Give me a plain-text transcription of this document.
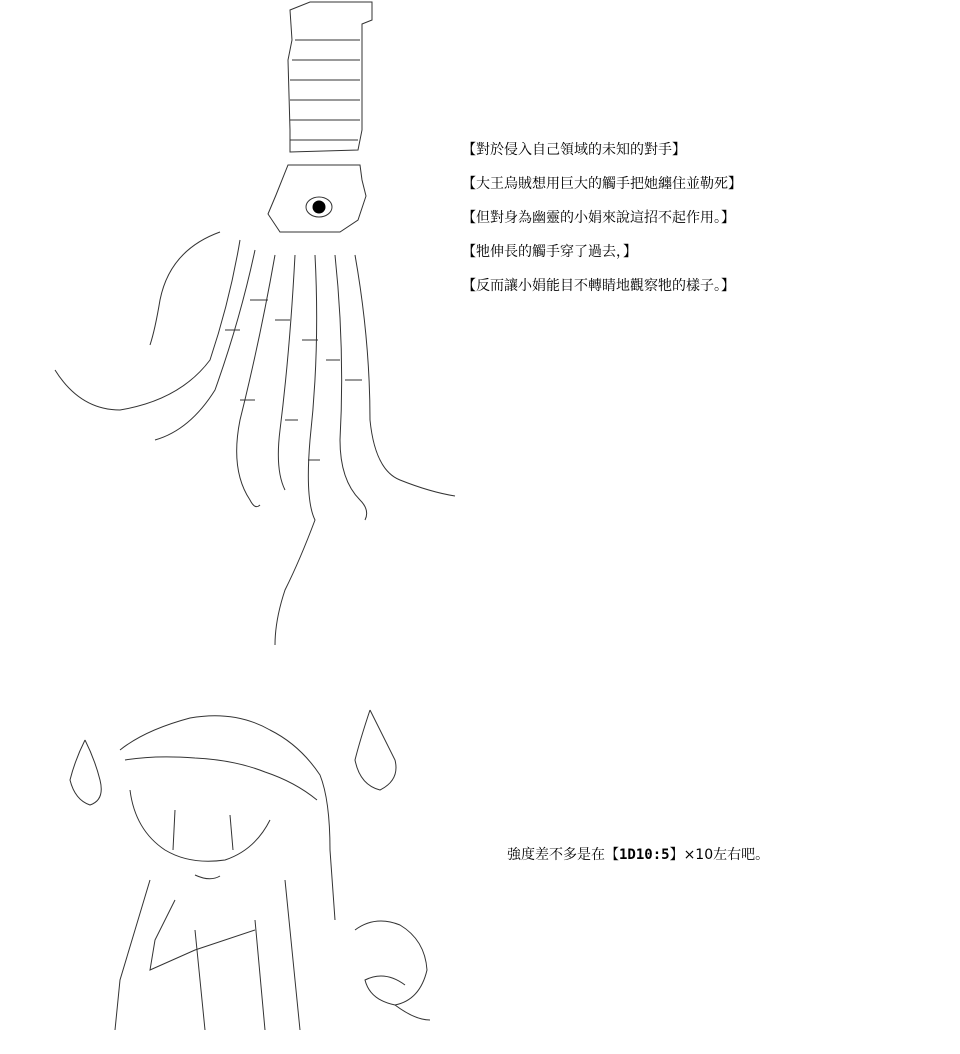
【對於侵入自己領域的未知的對手】
【大王烏賊想用巨大的觸手把她纏住並勒死】
【但對身為幽靈的小娟來說這招不起作用。】
【牠伸長的觸手穿了過去，】
【反而讓小娟能目不轉睛地觀察牠的樣子。】
強度差不多是在【1D10:5】×10左右吧。
